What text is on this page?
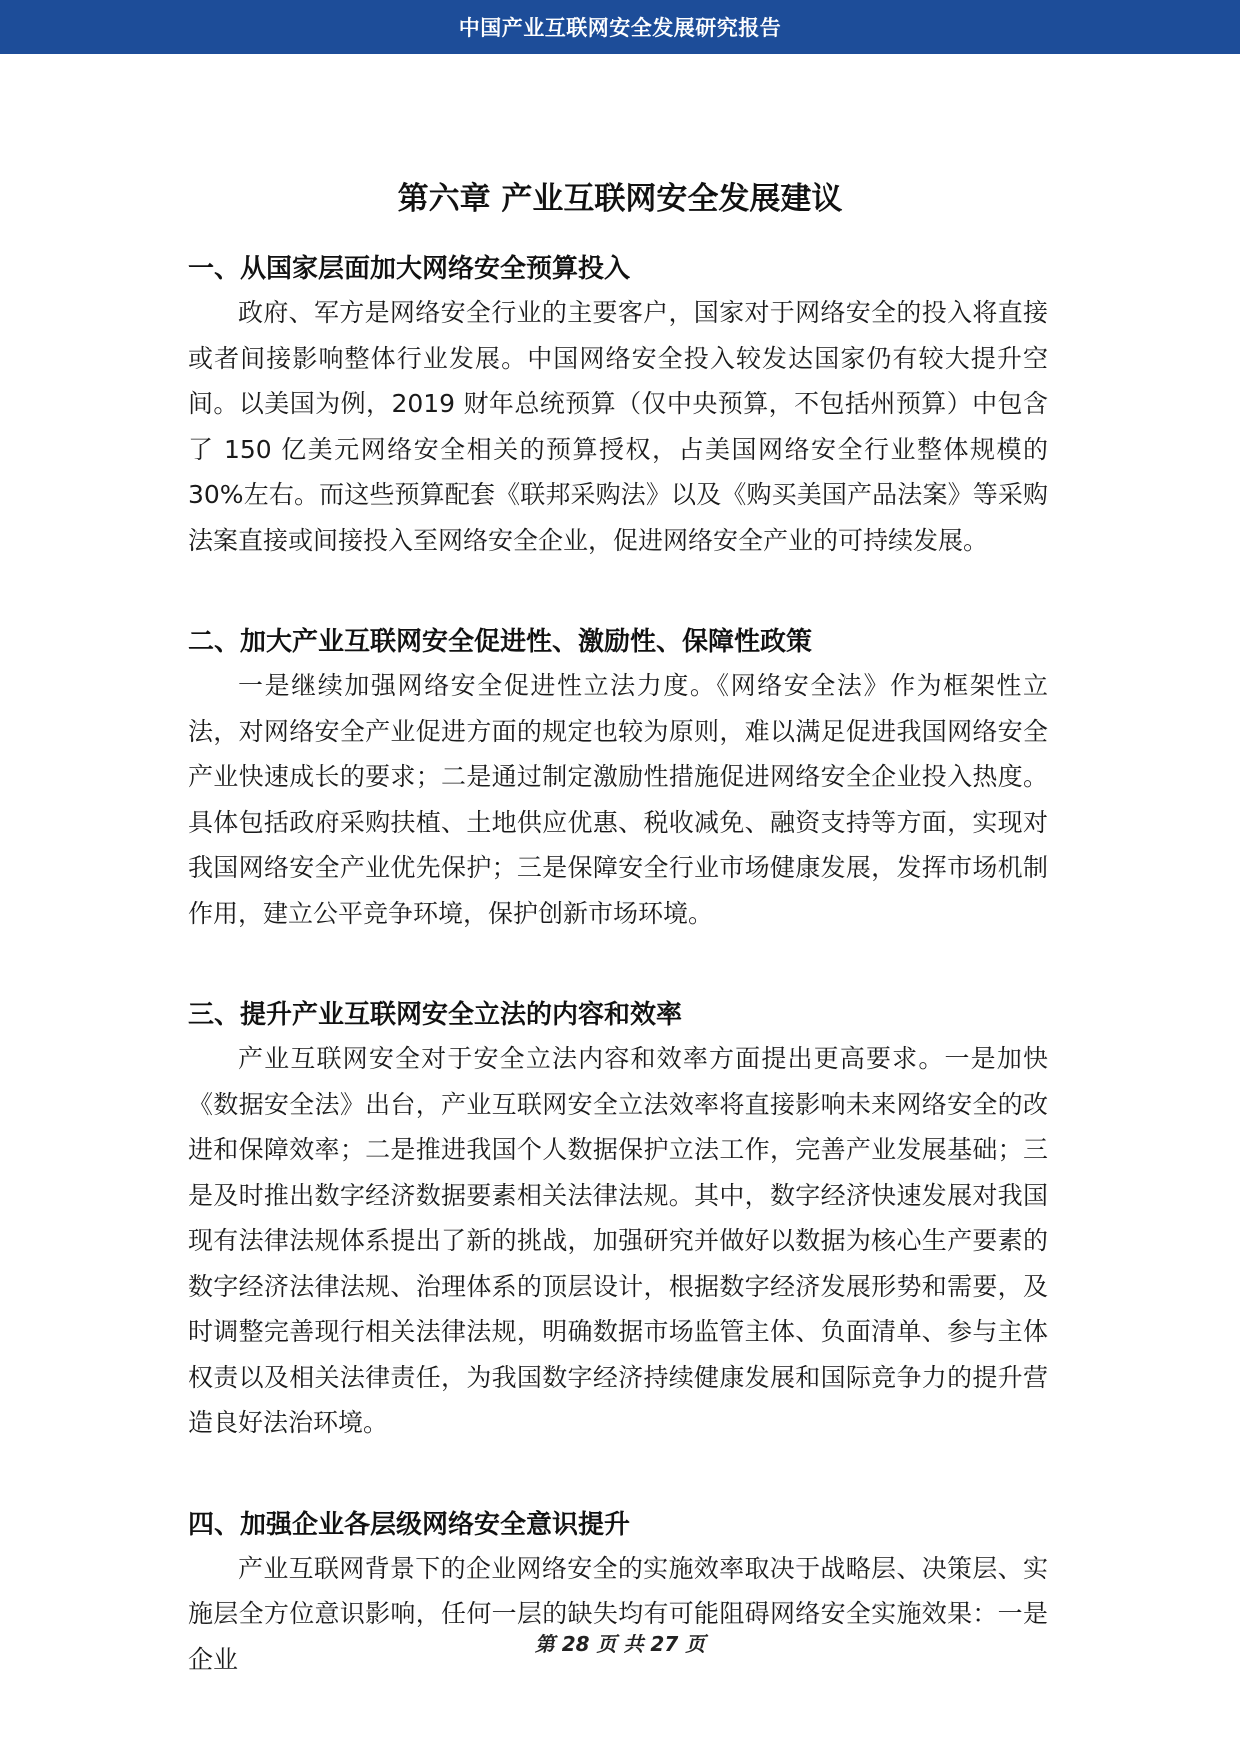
中国产业互联网安全发展研究报告
第六章 产业互联网安全发展建议
一、从国家层面加大网络安全预算投入

政府、军方是网络安全行业的主要客户，国家对于网络安全的投入将直接或者间接影响整体行业发展。中国网络安全投入较发达国家仍有较大提升空间。以美国为例，2019 财年总统预算（仅中央预算，不包括州预算）中包含了 150 亿美元网络安全相关的预算授权，占美国网络安全行业整体规模的 30%左右。而这些预算配套《联邦采购法》以及《购买美国产品法案》等采购法案直接或间接投入至网络安全企业，促进网络安全产业的可持续发展。

二、加大产业互联网安全促进性、激励性、保障性政策

一是继续加强网络安全促进性立法力度。《网络安全法》作为框架性立法，对网络安全产业促进方面的规定也较为原则，难以满足促进我国网络安全产业快速成长的要求；二是通过制定激励性措施促进网络安全企业投入热度。具体包括政府采购扶植、土地供应优惠、税收减免、融资支持等方面，实现对我国网络安全产业优先保护；三是保障安全行业市场健康发展，发挥市场机制作用，建立公平竞争环境，保护创新市场环境。

三、提升产业互联网安全立法的内容和效率

产业互联网安全对于安全立法内容和效率方面提出更高要求。一是加快《数据安全法》出台，产业互联网安全立法效率将直接影响未来网络安全的改进和保障效率；二是推进我国个人数据保护立法工作，完善产业发展基础；三是及时推出数字经济数据要素相关法律法规。其中，数字经济快速发展对我国现有法律法规体系提出了新的挑战，加强研究并做好以数据为核心生产要素的数字经济法律法规、治理体系的顶层设计，根据数字经济发展形势和需要，及时调整完善现行相关法律法规，明确数据市场监管主体、负面清单、参与主体权责以及相关法律责任，为我国数字经济持续健康发展和国际竞争力的提升营造良好法治环境。

四、加强企业各层级网络安全意识提升

产业互联网背景下的企业网络安全的实施效率取决于战略层、决策层、实施层全方位意识影响，任何一层的缺失均有可能阻碍网络安全实施效果：一是企业

第 28 页 共 27 页
